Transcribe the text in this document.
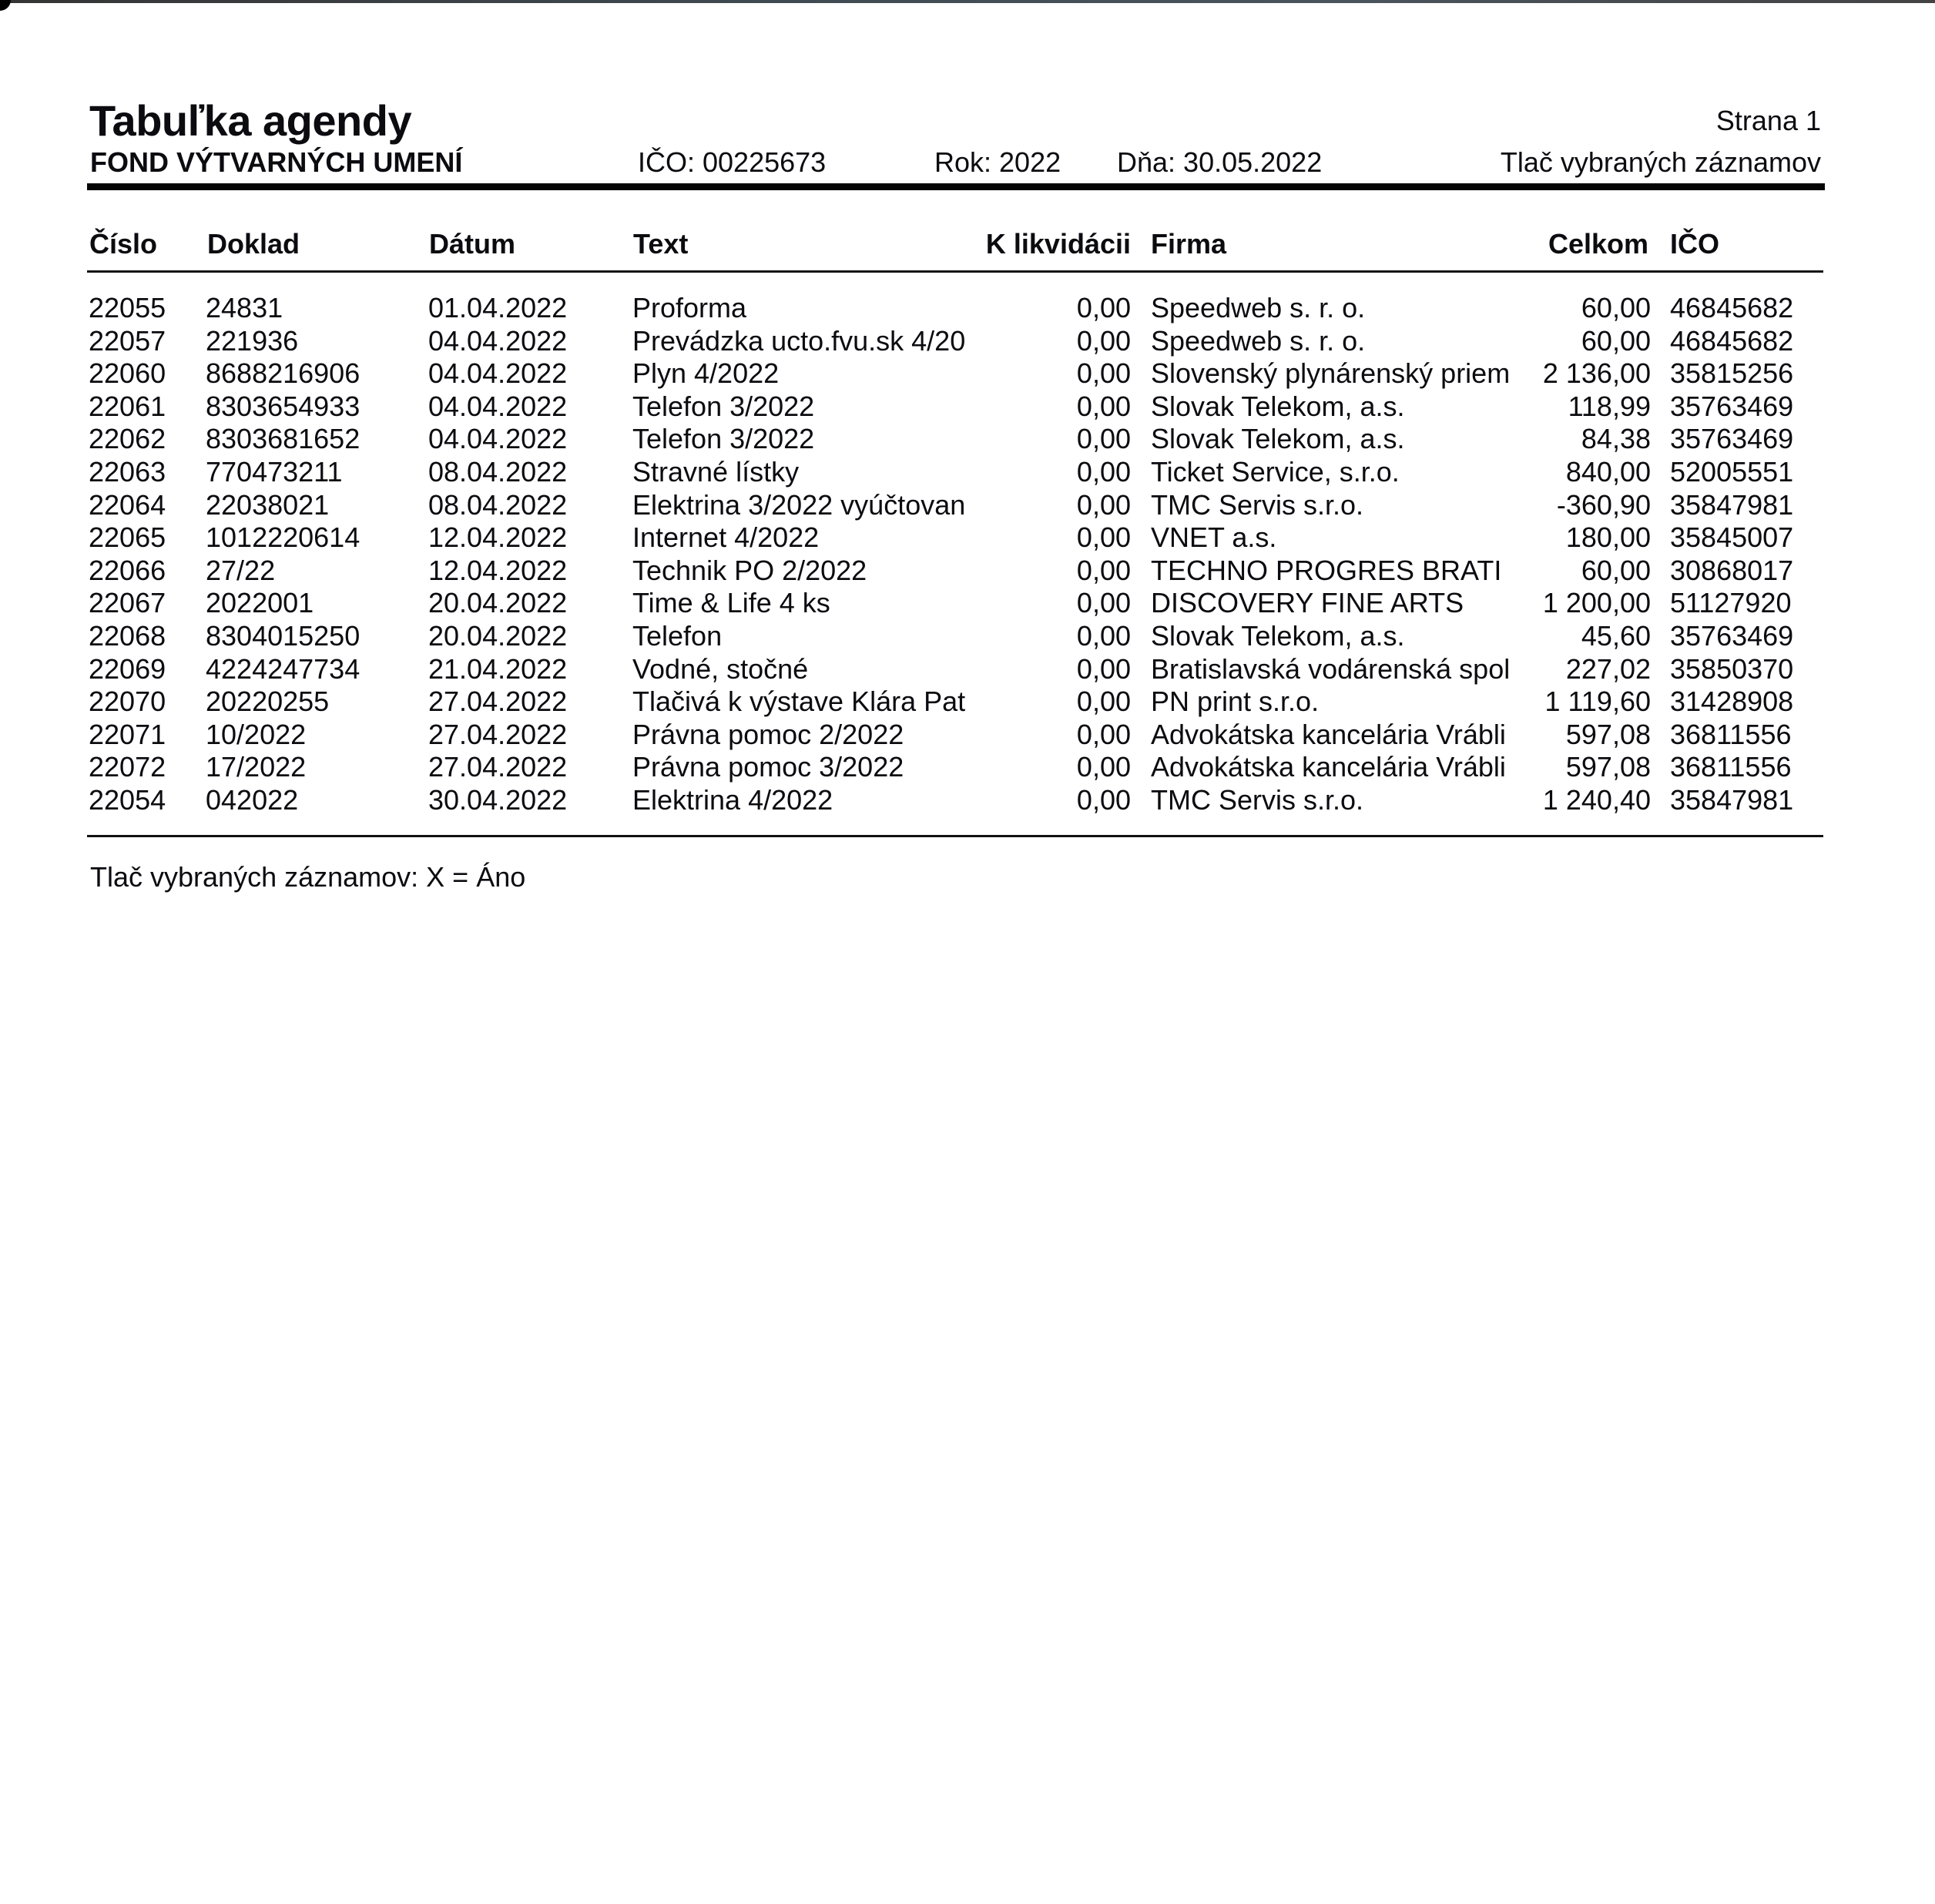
Tabuľka agendy	Strana 1
FOND VÝTVARNÝCH UMENÍ	IČO: 00225673	Rok: 2022 Dňa: 30.05.2022	Tlač vybraných záznamov
Číslo Doklad	Dátum	Text	K likvidácii Firma	Celkom IČO
22055 24831	01.04.2022 Proforma	0,00 Speedweb s. r. o.	60,00 46845682
22057 221936	04.04.2022 Prevádzka ucto.fvu.sk 4/20	0,00 Speedweb s. r. o.	60,00 46845682
22060 8688216906 04.04.2022 Plyn 4/2022	0,00 Slovenský plynárenský priem	2 136,00 35815256
22061 8303654933 04.04.2022 Telefon 3/2022	0,00 Slovak Telekom, a.s.	118,99 35763469
22062 8303681652 04.04.2022 Telefon 3/2022	0,00 Slovak Telekom, a.s.	84,38 35763469
22063 770473211	08.04.2022 Stravné lístky	0,00 Ticket Service, s.r.o.	840,00 52005551
22064 22038021	08.04.2022 Elektrina 3/2022 vyúčtovan	0,00 TMC Servis s.r.o.	-360,90 35847981
22065 1012220614 12.04.2022 Internet 4/2022	0,00 VNET a.s.	180,00 35845007
22066 27/22	12.04.2022 Technik PO 2/2022	0,00 TECHNO PROGRES BRATI	60,00 30868017
22067 2022001	20.04.2022 Time & Life 4 ks	0,00 DISCOVERY FINE ARTS	1 200,00 51127920
22068 8304015250 20.04.2022 Telefon	0,00 Slovak Telekom, a.s.	45,60 35763469
22069 4224247734 21.04.2022 Vodné, stočné	0,00 Bratislavská vodárenská spol	227,02 35850370
22070 20220255	27.04.2022 Tlačivá k výstave Klára Pat	0,00 PN print s.r.o.	1 119,60 31428908
22071 10/2022	27.04.2022 Právna pomoc 2/2022	0,00 Advokátska kancelária Vrábli	597,08 36811556
22072 17/2022	27.04.2022 Právna pomoc 3/2022	0,00 Advokátska kancelária Vrábli	597,08 36811556
22054 042022	30.04.2022 Elektrina 4/2022	0,00 TMC Servis s.r.o.	1 240,40 35847981
Tlač vybraných záznamov: X = Áno
